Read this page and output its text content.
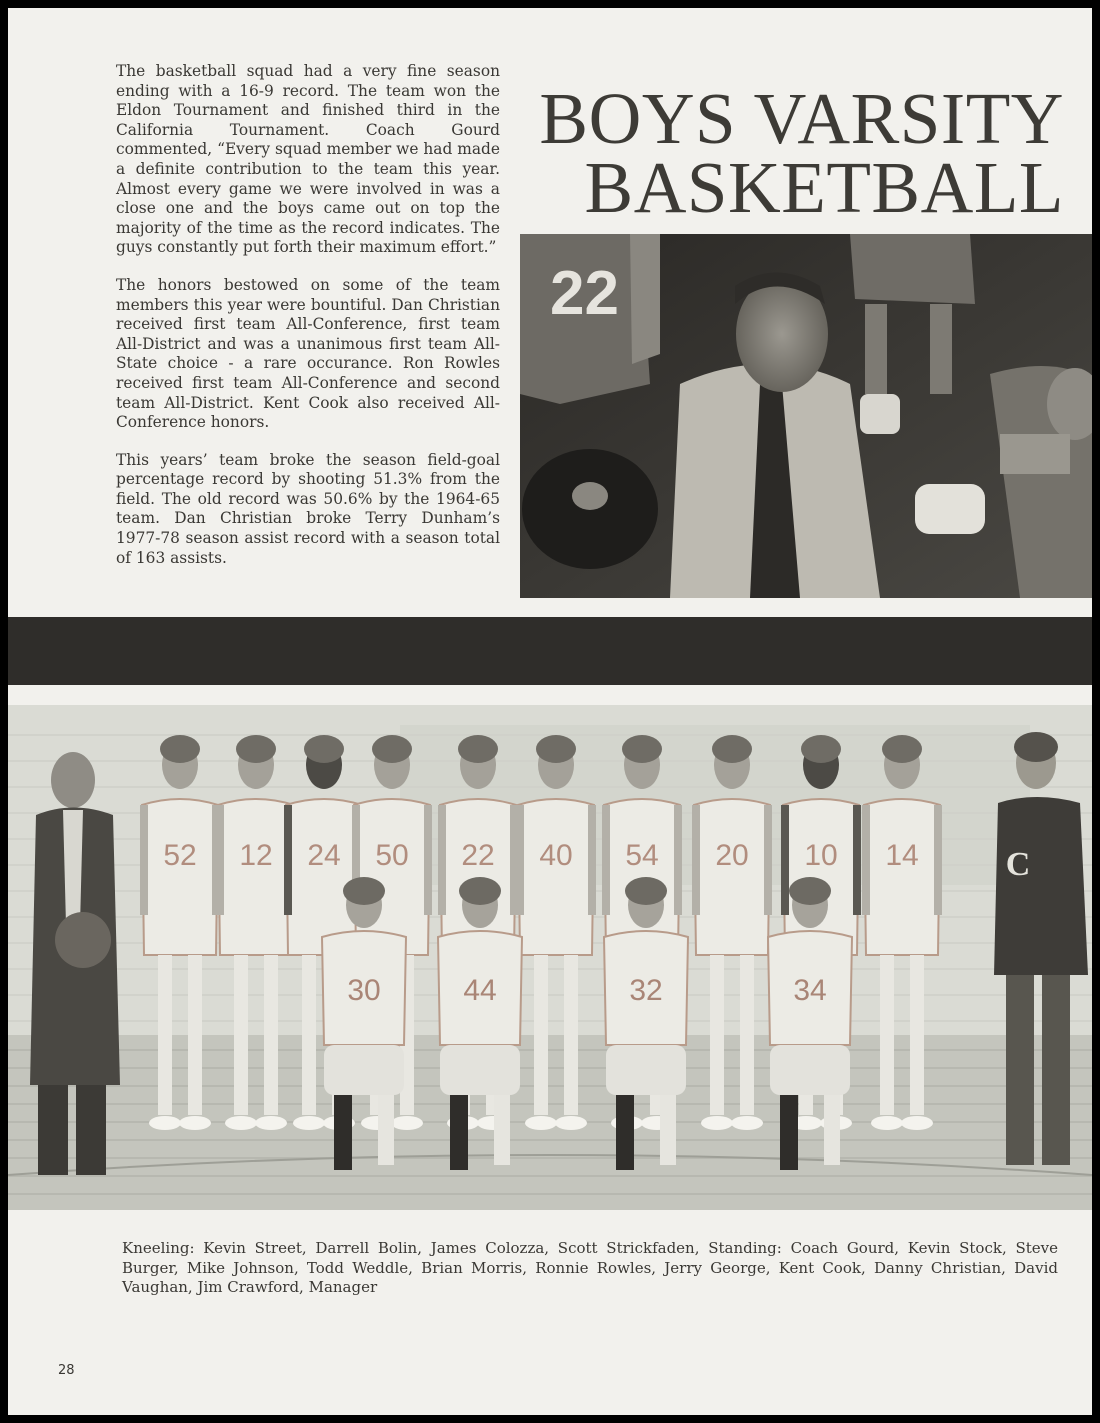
The basketball squad had a very fine season ending with a 16-9 record. The team won the Eldon Tournament and finished third in the California Tournament. Coach Gourd commented, “Every squad member we had made a definite contribution to the team this year. Almost every game we were involved in was a close one and the boys came out on top the majority of the time as the record indicates. The guys constantly put forth their maximum effort.”

The honors bestowed on some of the team members this year were bountiful. Dan Christian received first team All-Conference, first team All-District and was a unanimous first team All-State choice - a rare occurance. Ron Rowles received first team All-Conference and second team All-District. Kent Cook also received All-Conference honors.

This years’ team broke the season field-goal percentage record by shooting 51.3% from the field. The old record was 50.6% by the 1964-65 team. Dan Christian broke Terry Dunham’s 1977-78 season assist record with a season total of 163 assists.

BOYS VARSITY
BASKETBALL
22
52 12 24 50 22 40 54 20 10 14	C
30	44	32	34
Kneeling: Kevin Street, Darrell Bolin, James Colozza, Scott Strickfaden, Standing: Coach Gourd, Kevin Stock, Steve Burger, Mike Johnson, Todd Weddle, Brian Morris, Ronnie Rowles, Jerry George, Kent Cook, Danny Christian, David Vaughan, Jim Crawford, Manager
28
